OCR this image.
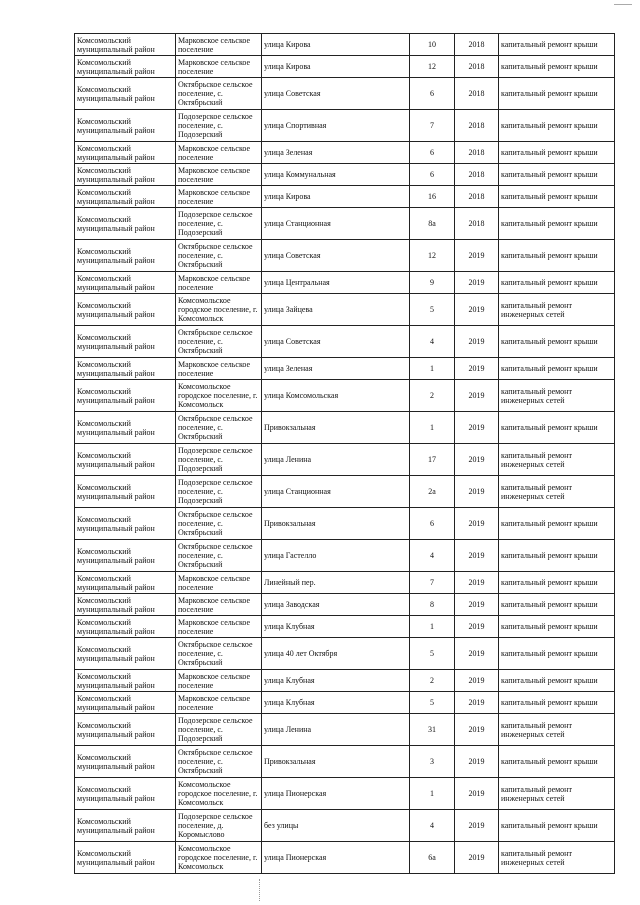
Комсомольский муниципальный район	Марковское сельское поселение	улица Кирова	10	2018	капитальный ремонт крыши
Комсомольский муниципальный район	Марковское сельское поселение	улица Кирова	12	2018	капитальный ремонт крыши
Комсомольский муниципальный район	Октябрьское сельское поселение, с. Октябрьский	улица Советская	6	2018	капитальный ремонт крыши
Комсомольский муниципальный район	Подозерское сельское поселение, с. Подозерский	улица Спортивная	7	2018	капитальный ремонт крыши
Комсомольский муниципальный район	Марковское сельское поселение	улица Зеленая	6	2018	капитальный ремонт крыши
Комсомольский муниципальный район	Марковское сельское поселение	улица Коммунальная	6	2018	капитальный ремонт крыши
Комсомольский муниципальный район	Марковское сельское поселение	улица Кирова	16	2018	капитальный ремонт крыши
Комсомольский муниципальный район	Подозерское сельское поселение, с. Подозерский	улица Станционная	8а	2018	капитальный ремонт крыши
Комсомольский муниципальный район	Октябрьское сельское поселение, с. Октябрьский	улица Советская	12	2019	капитальный ремонт крыши
Комсомольский муниципальный район	Марковское сельское поселение	улица Центральная	9	2019	капитальный ремонт крыши
Комсомольский муниципальный район	Комсомольское городское поселение, г. Комсомольск	улица Зайцева	5	2019	капитальный ремонт инженерных сетей
Комсомольский муниципальный район	Октябрьское сельское поселение, с. Октябрьский	улица Советская	4	2019	капитальный ремонт крыши
Комсомольский муниципальный район	Марковское сельское поселение	улица Зеленая	1	2019	капитальный ремонт крыши
Комсомольский муниципальный район	Комсомольское городское поселение, г. Комсомольск	улица Комсомольская	2	2019	капитальный ремонт инженерных сетей
Комсомольский муниципальный район	Октябрьское сельское поселение, с. Октябрьский	Привокзальная	1	2019	капитальный ремонт крыши
Комсомольский муниципальный район	Подозерское сельское поселение, с. Подозерский	улица Ленина	17	2019	капитальный ремонт инженерных сетей
Комсомольский муниципальный район	Подозерское сельское поселение, с. Подозерский	улица Станционная	2а	2019	капитальный ремонт инженерных сетей
Комсомольский муниципальный район	Октябрьское сельское поселение, с. Октябрьский	Привокзальная	6	2019	капитальный ремонт крыши
Комсомольский муниципальный район	Октябрьское сельское поселение, с. Октябрьский	улица Гастелло	4	2019	капитальный ремонт крыши
Комсомольский муниципальный район	Марковское сельское поселение	Линейный пер.	7	2019	капитальный ремонт крыши
Комсомольский муниципальный район	Марковское сельское поселение	улица Заводская	8	2019	капитальный ремонт крыши
Комсомольский муниципальный район	Марковское сельское поселение	улица Клубная	1	2019	капитальный ремонт крыши
Комсомольский муниципальный район	Октябрьское сельское поселение, с. Октябрьский	улица 40 лет Октября	5	2019	капитальный ремонт крыши
Комсомольский муниципальный район	Марковское сельское поселение	улица Клубная	2	2019	капитальный ремонт крыши
Комсомольский муниципальный район	Марковское сельское поселение	улица Клубная	5	2019	капитальный ремонт крыши
Комсомольский муниципальный район	Подозерское сельское поселение, с. Подозерский	улица Ленина	31	2019	капитальный ремонт инженерных сетей
Комсомольский муниципальный район	Октябрьское сельское поселение, с. Октябрьский	Привокзальная	3	2019	капитальный ремонт крыши
Комсомольский муниципальный район	Комсомольское городское поселение, г. Комсомольск	улица Пионерская	1	2019	капитальный ремонт инженерных сетей
Комсомольский муниципальный район	Подозерское сельское поселение, д. Коромыслово	без улицы	4	2019	капитальный ремонт крыши
Комсомольский муниципальный район	Комсомольское городское поселение, г. Комсомольск	улица Пионерская	6а	2019	капитальный ремонт инженерных сетей
